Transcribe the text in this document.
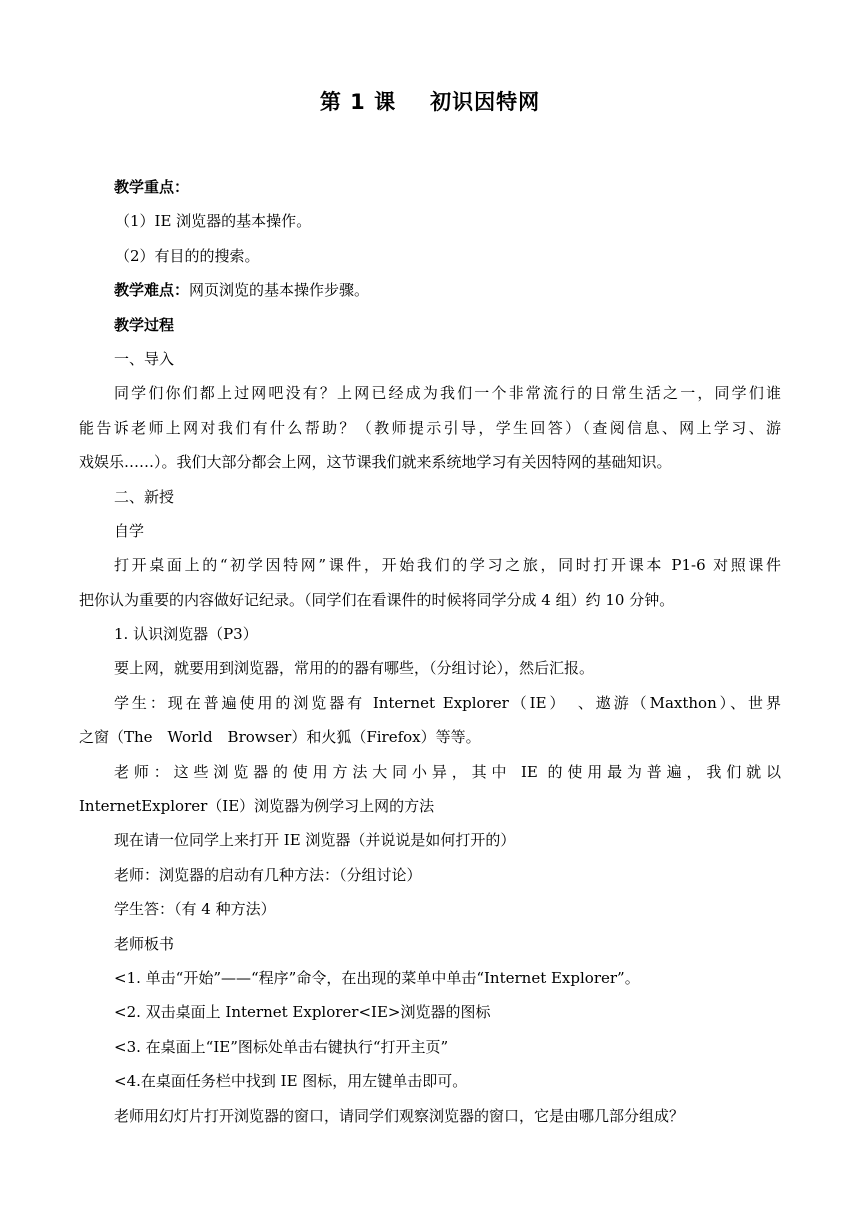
第 1 课 初识因特网
教学重点：
（1）IE 浏览器的基本操作。
（2）有目的的搜索。
教学难点：网页浏览的基本操作步骤。
教学过程
一、导入
同学们你们都上过网吧没有？上网已经成为我们一个非常流行的日常生活之一，同学们谁
能告诉老师上网对我们有什么帮助？（教师提示引导，学生回答）（查阅信息、网上学习、游
戏娱乐……）。我们大部分都会上网，这节课我们就来系统地学习有关因特网的基础知识。
二、新授
自学
打开桌面上的“初学因特网”课件，开始我们的学习之旅，同时打开课本 P1-6 对照课件
把你认为重要的内容做好记纪录。（同学们在看课件的时候将同学分成 4 组）约 10 分钟。
1. 认识浏览器（P3）
要上网，就要用到浏览器，常用的的器有哪些，（分组讨论），然后汇报。
学生：现在普遍使用的浏览器有 Internet Explorer（IE）　、遨游（Maxthon）、世界
之窗（The　World　Browser）和火狐（Firefox）等等。
老师：这些浏览器的使用方法大同小异，其中 IE 的使用最为普遍，我们就以
InternetExplorer（IE）浏览器为例学习上网的方法
现在请一位同学上来打开 IE 浏览器（并说说是如何打开的）
老师：浏览器的启动有几种方法：（分组讨论）
学生答：（有 4 种方法）
老师板书
<1. 单击“开始”——“程序”命令，在出现的菜单中单击“Internet Explorer”。
<2. 双击桌面上 Internet Explorer<IE>浏览器的图标
<3. 在桌面上“IE”图标处单击右键执行“打开主页”
<4.在桌面任务栏中找到 IE 图标，用左键单击即可。
老师用幻灯片打开浏览器的窗口，请同学们观察浏览器的窗口，它是由哪几部分组成？
